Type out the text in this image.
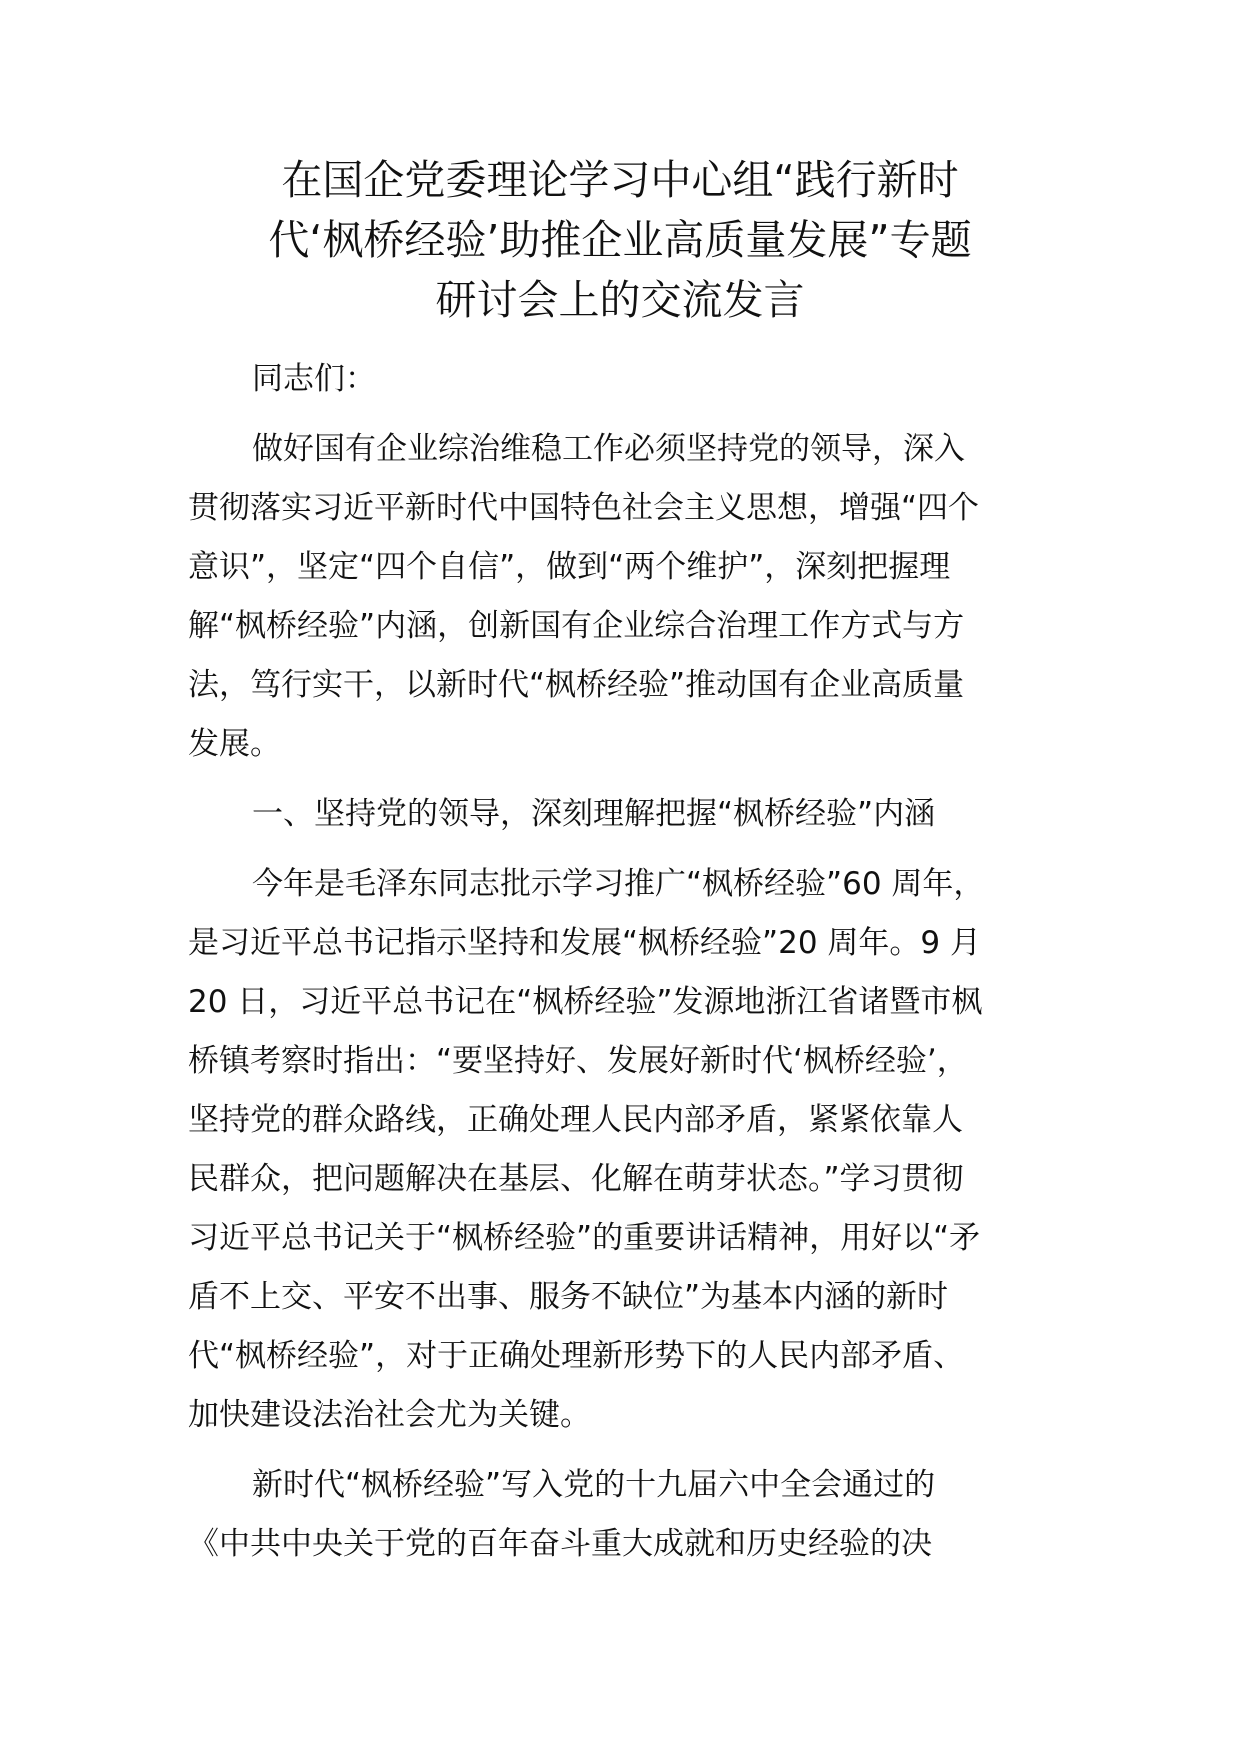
在国企党委理论学习中心组“践行新时
代‘枫桥经验’助推企业高质量发展”专题
研讨会上的交流发言
同志们：
做好国有企业综治维稳工作必须坚持党的领导，深入
贯彻落实习近平新时代中国特色社会主义思想，增强“四个
意识”，坚定“四个自信”，做到“两个维护”，深刻把握理
解“枫桥经验”内涵，创新国有企业综合治理工作方式与方
法，笃行实干，以新时代“枫桥经验”推动国有企业高质量
发展。
一、坚持党的领导，深刻理解把握“枫桥经验”内涵
今年是毛泽东同志批示学习推广“枫桥经验”60 周年，
是习近平总书记指示坚持和发展“枫桥经验”20 周年。9 月
20 日，习近平总书记在“枫桥经验”发源地浙江省诸暨市枫
桥镇考察时指出：“要坚持好、发展好新时代‘枫桥经验’，
坚持党的群众路线，正确处理人民内部矛盾，紧紧依靠人
民群众，把问题解决在基层、化解在萌芽状态。”学习贯彻
习近平总书记关于“枫桥经验”的重要讲话精神，用好以“矛
盾不上交、平安不出事、服务不缺位”为基本内涵的新时
代“枫桥经验”，对于正确处理新形势下的人民内部矛盾、
加快建设法治社会尤为关键。
新时代“枫桥经验”写入党的十九届六中全会通过的
《中共中央关于党的百年奋斗重大成就和历史经验的决
